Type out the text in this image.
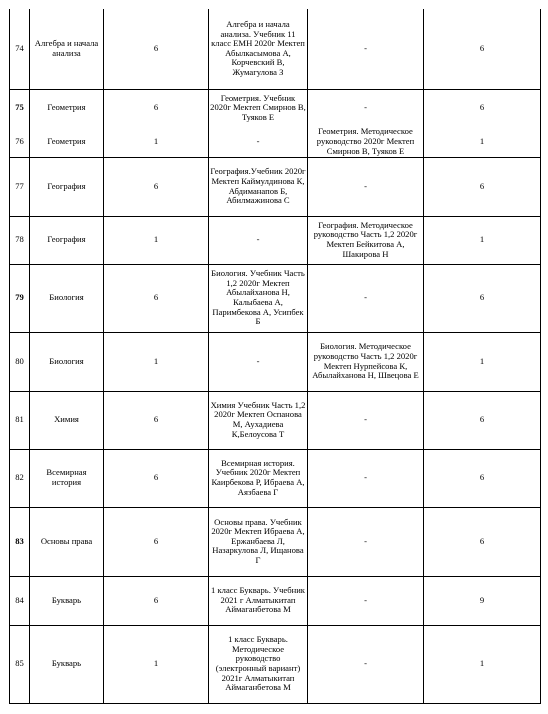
74	Алгебра и начала анализа	6	Алгебра и начала анализа. Учебник 11 класс ЕМН 2020г Мектеп Абылкасымова А, Корчевский В, Жумагулова З	-	6
75	Геометрия	6	Геометрия. Учебник 2020г Мектеп Смирнов В, Туяков Е	-	6
76	Геометрия	1	-	Геометрия. Методическое руководство 2020г Мектеп Смирнов В, Туяков Е	1
77	География	6	География.Учебник 2020г Мектеп Каймулдинова К, Абдиманапов Б, Абилмажинова С	-	6
78	География	1	-	География. Методическое руководство Часть 1,2 2020г Мектеп Бейкитова А, Шакирова Н	1
79	Биология	6	Биология. Учебник Часть 1,2 2020г Мектеп Абылайханова Н, Калыбаева А, Паримбекова А, Усипбек Б	-	6
80	Биология	1	-	Биология. Методическое руководство Часть 1,2 2020г Мектеп Нурпейсова К, Абылайханова Н, Швецова Е	1
81	Химия	6	Химия Учебник Часть 1,2 2020г Мектеп Оспанова М, Аухадиева К,Белоусова Т	-	6
82	Всемирная история	6	Всемирная история. Учебник 2020г Мектеп Каирбекова Р, Ибраева А, Аязбаева Г	-	6
83	Основы права	6	Основы права. Учебник 2020г Мектеп Ибраева А, Ержанбаева Л, Назаркулова Л, Ищанова Г	-	6
84	Букварь	6	1 класс Букварь. Учебник 2021 г Алматыкитап Аймаганбетова М	-	9
85	Букварь	1	1 класс Букварь. Методическое руководство (электронный вариант) 2021г Алматыкитап Аймаганбетова М	-	1
